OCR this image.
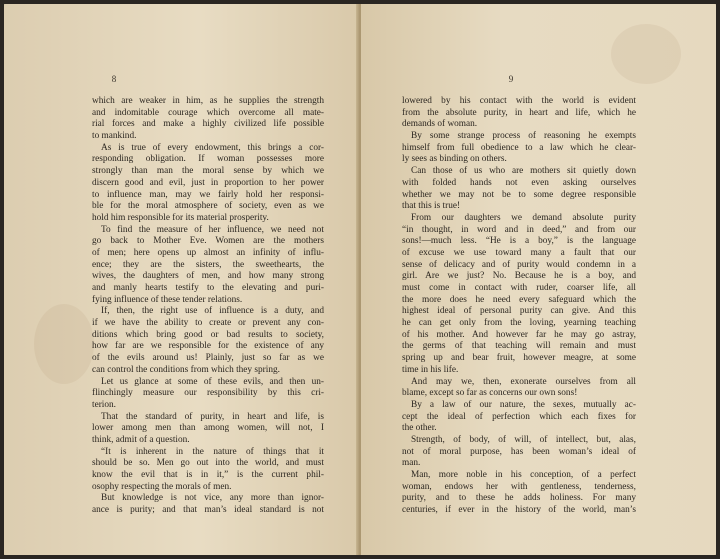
8
which are weaker in him, as he supplies the strength
and indomitable courage which overcome all mate-
rial forces and make a highly civilized life possible
to mankind.
As is true of every endowment, this brings a cor-
responding obligation. If woman possesses more
strongly than man the moral sense by which we
discern good and evil, just in proportion to her power
to influence man, may we fairly hold her responsi-
ble for the moral atmosphere of society, even as we
hold him responsible for its material prosperity.
To find the measure of her influence, we need not
go back to Mother Eve. Women are the mothers
of men; here opens up almost an infinity of influ-
ence; they are the sisters, the sweethearts, the
wives, the daughters of men, and how many strong
and manly hearts testify to the elevating and puri-
fying influence of these tender relations.
If, then, the right use of influence is a duty, and
if we have the ability to create or prevent any con-
ditions which bring good or bad results to society,
how far are we responsible for the existence of any
of the evils around us! Plainly, just so far as we
can control the conditions from which they spring.
Let us glance at some of these evils, and then un-
flinchingly measure our responsibility by this cri-
terion.
That the standard of purity, in heart and life, is
lower among men than among women, will not, I
think, admit of a question.
“It is inherent in the nature of things that it
should be so. Men go out into the world, and must
know the evil that is in it,” is the current phil-
osophy respecting the morals of men.
But knowledge is not vice, any more than ignor-
ance is purity; and that man’s ideal standard is not
9
lowered by his contact with the world is evident
from the absolute purity, in heart and life, which he
demands of woman.
By some strange process of reasoning he exempts
himself from full obedience to a law which he clear-
ly sees as binding on others.
Can those of us who are mothers sit quietly down
with folded hands not even asking ourselves
whether we may not be to some degree responsible
that this is true!
From our daughters we demand absolute purity
“in thought, in word and in deed,” and from our
sons!—much less. “He is a boy,” is the language
of excuse we use toward many a fault that our
sense of delicacy and of purity would condemn in a
girl. Are we just? No. Because he is a boy, and
must come in contact with ruder, coarser life, all
the more does he need every safeguard which the
highest ideal of personal purity can give. And this
he can get only from the loving, yearning teaching
of his mother. And however far he may go astray,
the germs of that teaching will remain and must
spring up and bear fruit, however meagre, at some
time in his life.
And may we, then, exonerate ourselves from all
blame, except so far as concerns our own sons!
By a law of our nature, the sexes, mutually ac-
cept the ideal of perfection which each fixes for
the other.
Strength, of body, of will, of intellect, but, alas,
not of moral purpose, has been woman’s ideal of
man.
Man, more noble in his conception, of a perfect
woman, endows her with gentleness, tenderness,
purity, and to these he adds holiness. For many
centuries, if ever in the history of the world, man’s
